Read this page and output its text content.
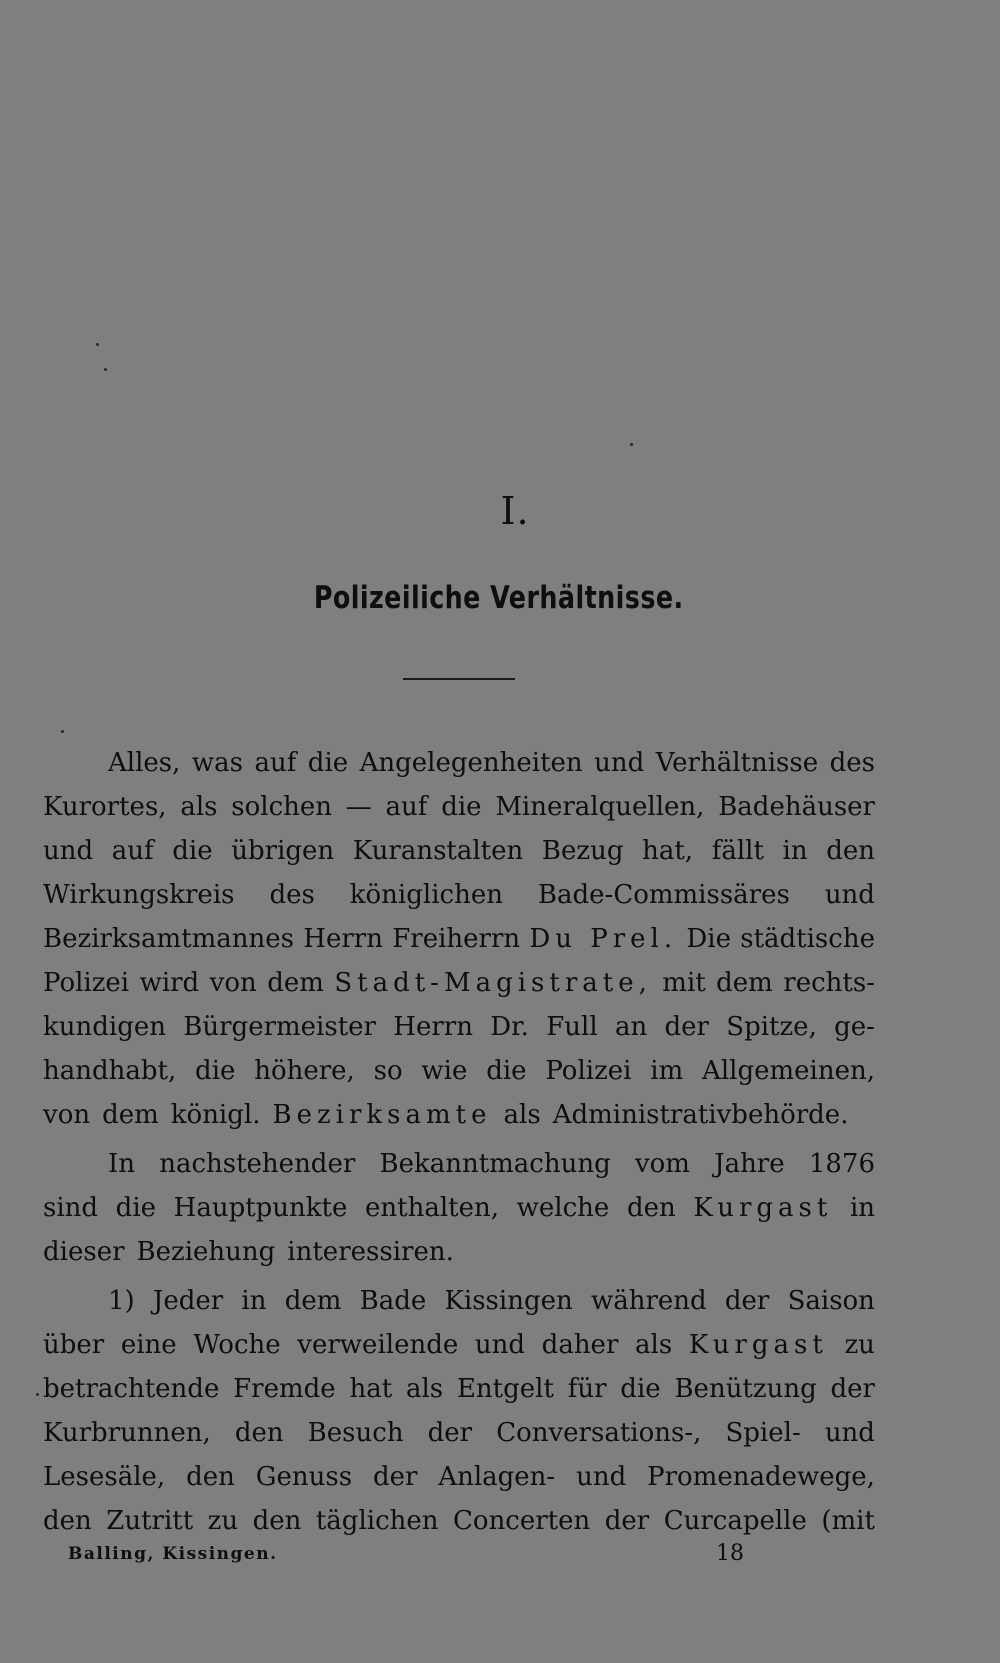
I.
Polizeiliche Verhältnisse.
Alles, was auf die Angelegenheiten und Verhältnisse des
Kurortes, als solchen — auf die Mineralquellen, Badehäuser
und auf die übrigen Kuranstalten Bezug hat, fällt in den
Wirkungskreis des königlichen Bade-Commissäres und
Bezirksamtmannes Herrn Freiherrn Du Prel. Die städtische
Polizei wird von dem Stadt-Magistrate, mit dem rechts-
kundigen Bürgermeister Herrn Dr. Full an der Spitze, ge-
handhabt, die höhere, so wie die Polizei im Allgemeinen,
von dem königl. Bezirksamte als Administrativbehörde.
In nachstehender Bekanntmachung vom Jahre 1876
sind die Hauptpunkte enthalten, welche den Kurgast in
dieser Beziehung interessiren.
1) Jeder in dem Bade Kissingen während der Saison
über eine Woche verweilende und daher als Kurgast zu
betrachtende Fremde hat als Entgelt für die Benützung der
Kurbrunnen, den Besuch der Conversations-, Spiel- und
Lesesäle, den Genuss der Anlagen- und Promenadewege,
den Zutritt zu den täglichen Concerten der Curcapelle (mit
Balling, Kissingen.	18
